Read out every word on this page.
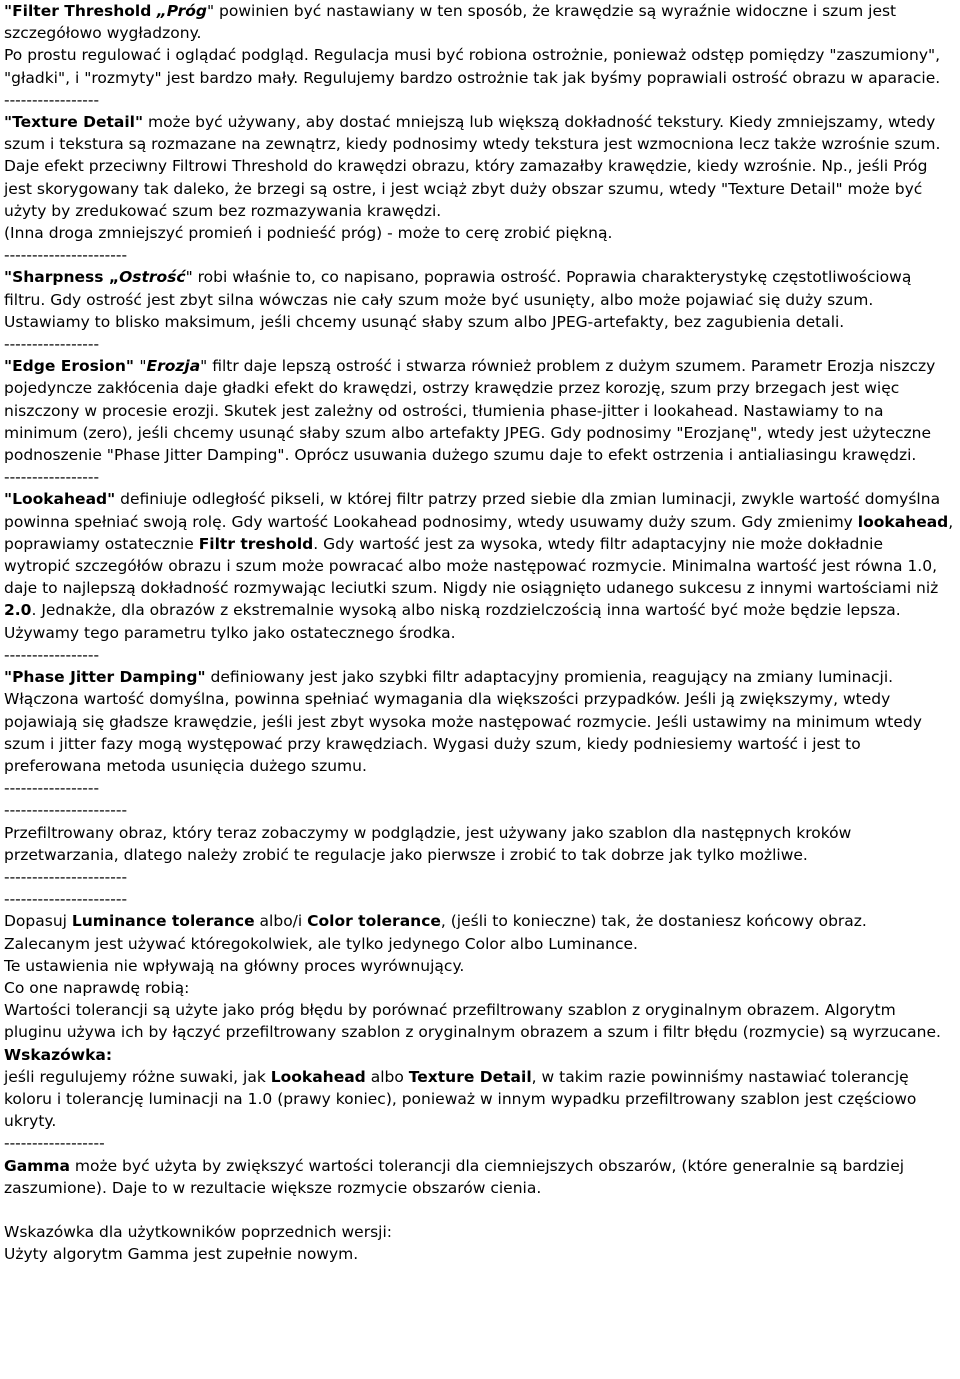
"Filter Threshold „Próg" powinien być nastawiany w ten sposób, że krawędzie są wyraźnie widoczne i szum jest szczegółowo wygładzony.

Po prostu regulować i oglądać podgląd. Regulacja musi być robiona ostrożnie, ponieważ odstęp pomiędzy "zaszumiony", "gładki", i "rozmyty" jest bardzo mały. Regulujemy bardzo ostrożnie tak jak byśmy poprawiali ostrość obrazu w aparacie.

-----------------

"Texture Detail" może być używany, aby dostać mniejszą lub większą dokładność tekstury. Kiedy zmniejszamy, wtedy szum i tekstura są rozmazane na zewnątrz, kiedy podnosimy wtedy tekstura jest wzmocniona lecz także wzrośnie szum. Daje efekt przeciwny Filtrowi Threshold do krawędzi obrazu, który zamazałby krawędzie, kiedy wzrośnie. Np., jeśli Próg jest skorygowany tak daleko, że brzegi są ostre, i jest wciąż zbyt duży obszar szumu, wtedy "Texture Detail" może być użyty by zredukować szum bez rozmazywania krawędzi.

(Inna droga zmniejszyć promień i podnieść próg) - może to cerę zrobić piękną.

----------------------

"Sharpness „Ostrość" robi właśnie to, co napisano, poprawia ostrość. Poprawia charakterystykę częstotliwościową filtru. Gdy ostrość jest zbyt silna wówczas nie cały szum może być usunięty, albo może pojawiać się duży szum. Ustawiamy to blisko maksimum, jeśli chcemy usunąć słaby szum albo JPEG-artefakty, bez zagubienia detali.

-----------------

"Edge Erosion" "Erozja" filtr daje lepszą ostrość i stwarza również problem z dużym szumem. Parametr Erozja niszczy pojedyncze zakłócenia daje gładki efekt do krawędzi, ostrzy krawędzie przez korozję, szum przy brzegach jest więc niszczony w procesie erozji. Skutek jest zależny od ostrości, tłumienia phase-jitter i lookahead. Nastawiamy to na minimum (zero), jeśli chcemy usunąć słaby szum albo artefakty JPEG. Gdy podnosimy "Erozjanę", wtedy jest użyteczne podnoszenie "Phase Jitter Damping". Oprócz usuwania dużego szumu daje to efekt ostrzenia i antialiasingu krawędzi.

-----------------

"Lookahead" definiuje odległość pikseli, w której filtr patrzy przed siebie dla zmian luminacji, zwykle wartość domyślna powinna spełniać swoją rolę. Gdy wartość Lookahead podnosimy, wtedy usuwamy duży szum. Gdy zmienimy lookahead, poprawiamy ostatecznie Filtr treshold. Gdy wartość jest za wysoka, wtedy filtr adaptacyjny nie może dokładnie wytropić szczegółów obrazu i szum może powracać albo może następować rozmycie. Minimalna wartość jest równa 1.0, daje to najlepszą dokładność rozmywając leciutki szum. Nigdy nie osiągnięto udanego sukcesu z innymi wartościami niż 2.0. Jednakże, dla obrazów z ekstremalnie wysoką albo niską rozdzielczością inna wartość być może będzie lepsza. Używamy tego parametru tylko jako ostatecznego środka.

-----------------

"Phase Jitter Damping" definiowany jest jako szybki filtr adaptacyjny promienia, reagujący na zmiany luminacji. Włączona wartość domyślna, powinna spełniać wymagania dla większości przypadków. Jeśli ją zwiększymy, wtedy pojawiają się gładsze krawędzie, jeśli jest zbyt wysoka może następować rozmycie. Jeśli ustawimy na minimum wtedy szum i jitter fazy mogą występować przy krawędziach. Wygasi duży szum, kiedy podniesiemy wartość i jest to preferowana metoda usunięcia dużego szumu.

-----------------

----------------------

Przefiltrowany obraz, który teraz zobaczymy w podglądzie, jest używany jako szablon dla następnych kroków przetwarzania, dlatego należy zrobić te regulacje jako pierwsze i zrobić to tak dobrze jak tylko możliwe.

----------------------

----------------------

Dopasuj Luminance tolerance albo/i Color tolerance, (jeśli to konieczne) tak, że dostaniesz końcowy obraz. Zalecanym jest używać któregokolwiek, ale tylko jedynego Color albo Luminance.

Te ustawienia nie wpływają na główny proces wyrównujący.

Co one naprawdę robią:

Wartości tolerancji są użyte jako próg błędu by porównać przefiltrowany szablon z oryginalnym obrazem. Algorytm pluginu używa ich by łączyć przefiltrowany szablon z oryginalnym obrazem a szum i filtr błędu (rozmycie) są wyrzucane.

Wskazówka:

jeśli regulujemy różne suwaki, jak Lookahead albo Texture Detail, w takim razie powinniśmy nastawiać tolerancję koloru i tolerancję luminacji na 1.0 (prawy koniec), ponieważ w innym wypadku przefiltrowany szablon jest częściowo ukryty.

------------------

Gamma może być użyta by zwiększyć wartości tolerancji dla ciemniejszych obszarów, (które generalnie są bardziej zaszumione). Daje to w rezultacie większe rozmycie obszarów cienia.

Wskazówka dla użytkowników poprzednich wersji:

Użyty algorytm Gamma jest zupełnie nowym.
